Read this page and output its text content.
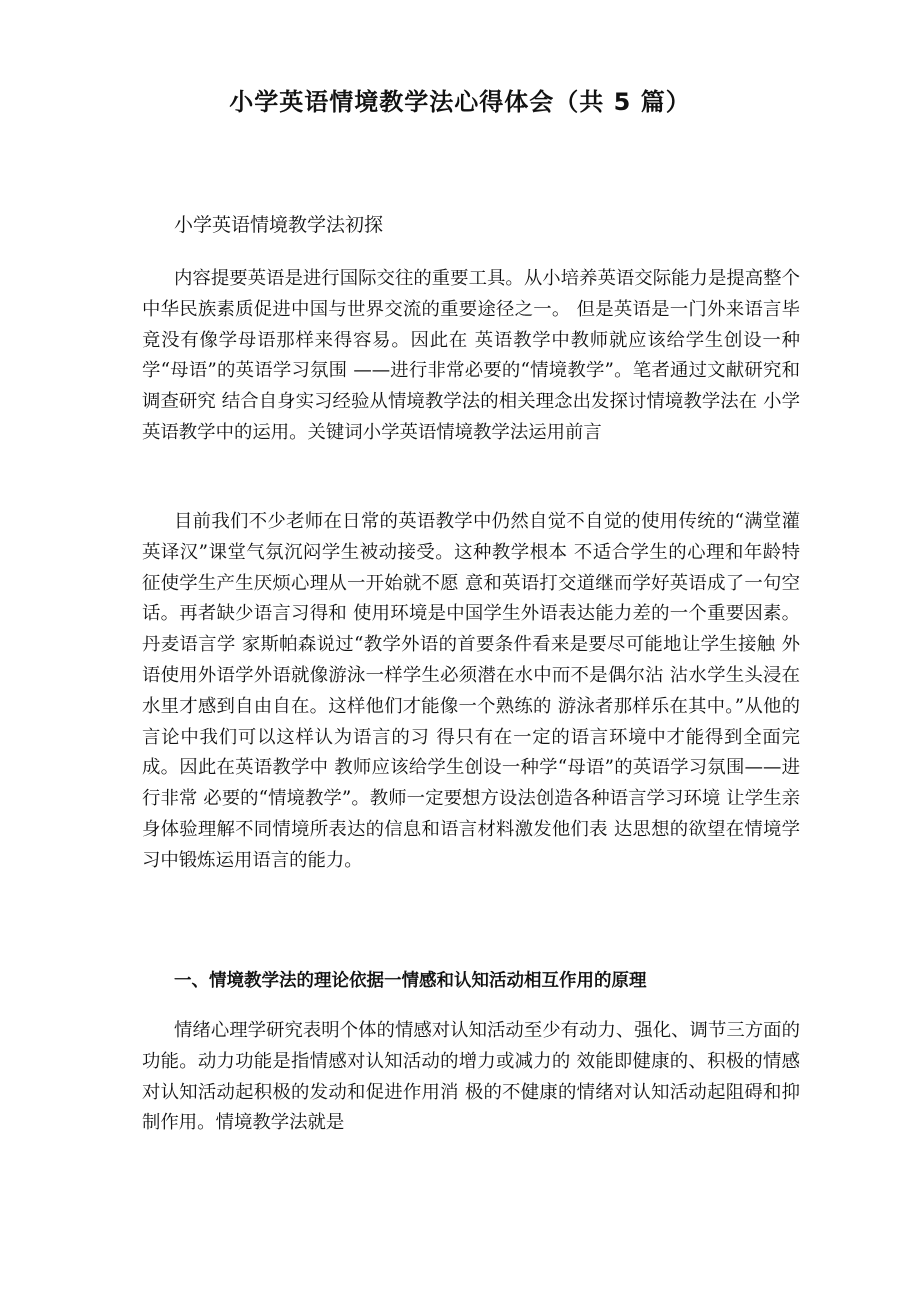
小学英语情境教学法心得体会（共 5 篇）

小学英语情境教学法初探

内容提要英语是进行国际交往的重要工具。从小培养英语交际能力是提高整个中华民族素质促进中国与世界交流的重要途径之一。 但是英语是一门外来语言毕竟没有像学母语那样来得容易。因此在 英语教学中教师就应该给学生创设一种学“母语”的英语学习氛围 ——进行非常必要的“情境教学”。笔者通过文献研究和调查研究 结合自身实习经验从情境教学法的相关理念出发探讨情境教学法在 小学英语教学中的运用。关键词小学英语情境教学法运用前言

目前我们不少老师在日常的英语教学中仍然自觉不自觉的使用传统的“满堂灌英译汉”课堂气氛沉闷学生被动接受。这种教学根本 不适合学生的心理和年龄特征使学生产生厌烦心理从一开始就不愿 意和英语打交道继而学好英语成了一句空话。再者缺少语言习得和 使用环境是中国学生外语表达能力差的一个重要因素。丹麦语言学 家斯帕森说过“教学外语的首要条件看来是要尽可能地让学生接触 外语使用外语学外语就像游泳一样学生必须潜在水中而不是偶尔沾 沾水学生头浸在水里才感到自由自在。这样他们才能像一个熟练的 游泳者那样乐在其中。”从他的言论中我们可以这样认为语言的习 得只有在一定的语言环境中才能得到全面完成。因此在英语教学中 教师应该给学生创设一种学“母语”的英语学习氛围——进行非常 必要的“情境教学”。教师一定要想方设法创造各种语言学习环境 让学生亲身体验理解不同情境所表达的信息和语言材料激发他们表 达思想的欲望在情境学习中锻炼运用语言的能力。

一、情境教学法的理论依据一情感和认知活动相互作用的原理

情绪心理学研究表明个体的情感对认知活动至少有动力、强化、调节三方面的功能。动力功能是指情感对认知活动的增力或减力的 效能即健康的、积极的情感对认知活动起积极的发动和促进作用消 极的不健康的情绪对认知活动起阻碍和抑制作用。情境教学法就是
